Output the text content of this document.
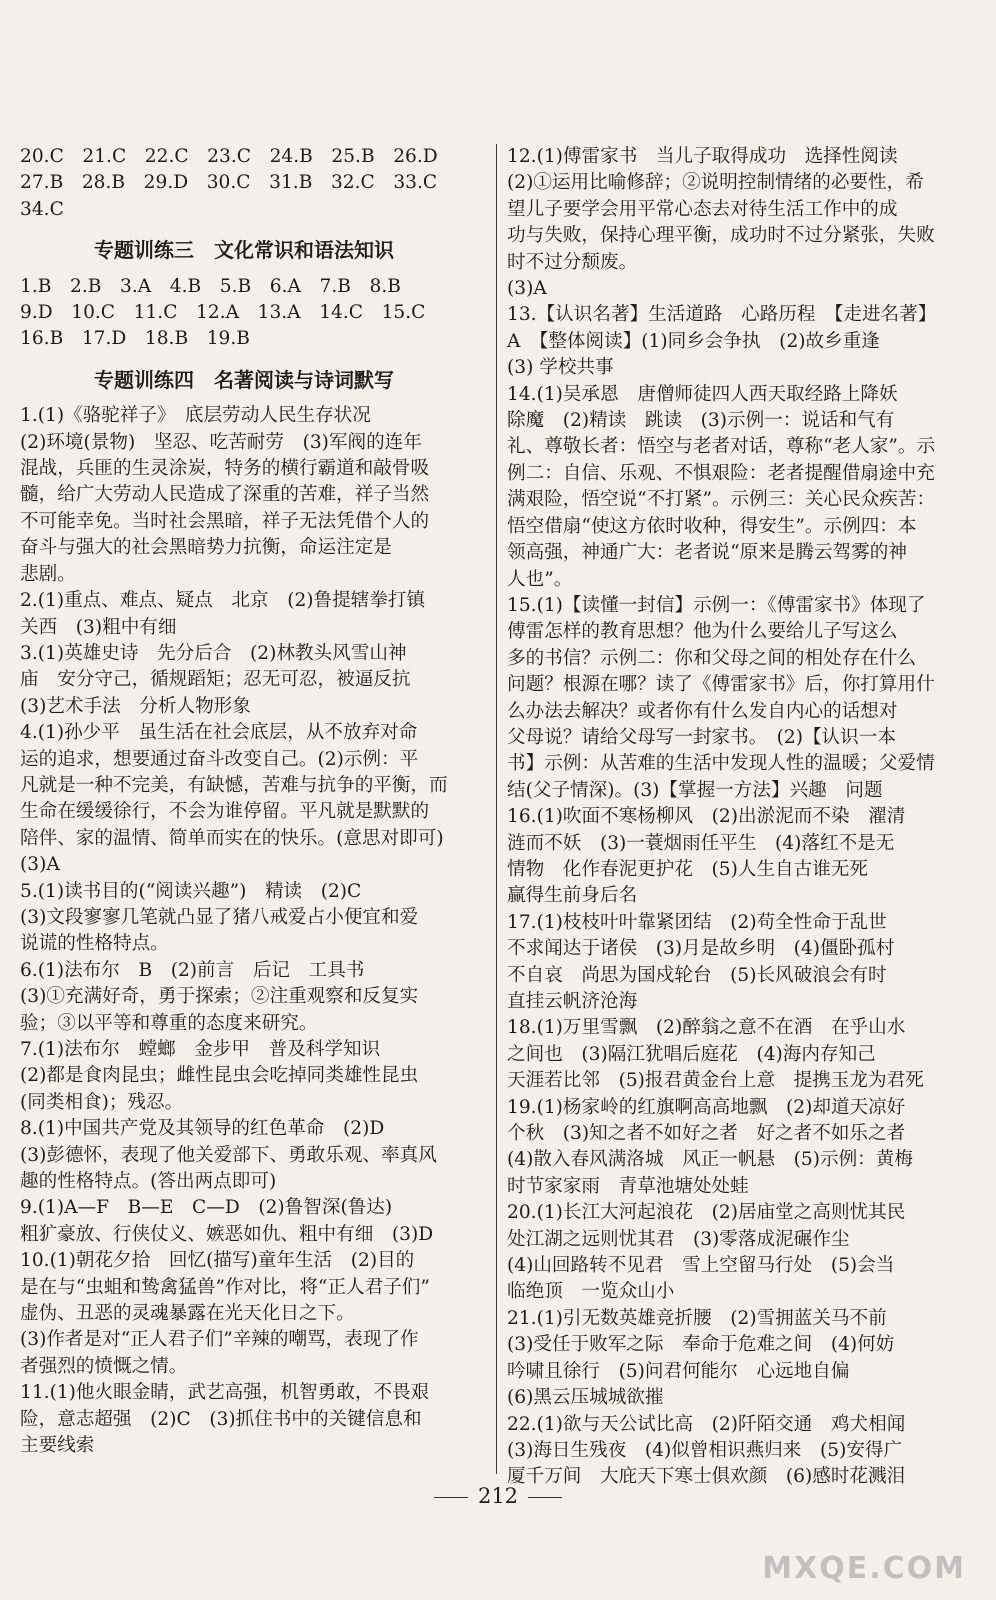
20.C　21.C　22.C　23.C　24.B　25.B　26.D
27.B　28.B　29.D　30.C　31.B　32.C　33.C
34.C
专题训练三　文化常识和语法知识
1.B　2.B　3.A　4.B　5.B　6.A　7.B　8.B
9.D　10.C　11.C　12.A　13.A　14.C　15.C
16.B　17.D　18.B　19.B
专题训练四　名著阅读与诗词默写
1.(1)《骆驼祥子》　底层劳动人民生存状况
(2)环境(景物)　坚忍、吃苦耐劳　(3)军阀的连年
混战，兵匪的生灵涂炭，特务的横行霸道和敲骨吸
髓，给广大劳动人民造成了深重的苦难，祥子当然
不可能幸免。当时社会黑暗，祥子无法凭借个人的
奋斗与强大的社会黑暗势力抗衡，命运注定是
悲剧。
2.(1)重点、难点、疑点　北京　(2)鲁提辖拳打镇
关西　(3)粗中有细
3.(1)英雄史诗　先分后合　(2)林教头风雪山神
庙　安分守己，循规蹈矩；忍无可忍，被逼反抗
(3)艺术手法　分析人物形象
4.(1)孙少平　虽生活在社会底层，从不放弃对命
运的追求，想要通过奋斗改变自己。(2)示例：平
凡就是一种不完美，有缺憾，苦难与抗争的平衡，而
生命在缓缓徐行，不会为谁停留。平凡就是默默的
陪伴、家的温情、简单而实在的快乐。(意思对即可)
(3)A
5.(1)读书目的(“阅读兴趣”)　精读　(2)C
(3)文段寥寥几笔就凸显了猪八戒爱占小便宜和爱
说谎的性格特点。
6.(1)法布尔　B　(2)前言　后记　工具书
(3)①充满好奇，勇于探索；②注重观察和反复实
验；③以平等和尊重的态度来研究。
7.(1)法布尔　螳螂　金步甲　普及科学知识
(2)都是食肉昆虫；雌性昆虫会吃掉同类雄性昆虫
(同类相食)；残忍。
8.(1)中国共产党及其领导的红色革命　(2)D
(3)彭德怀，表现了他关爱部下、勇敢乐观、率真风
趣的性格特点。(答出两点即可)
9.(1)A—F　B—E　C—D　(2)鲁智深(鲁达)
粗犷豪放、行侠仗义、嫉恶如仇、粗中有细　(3)D
10.(1)朝花夕拾　回忆(描写)童年生活　(2)目的
是在与“虫蛆和鸷禽猛兽”作对比，将“正人君子们”
虚伪、丑恶的灵魂暴露在光天化日之下。
(3)作者是对“正人君子们”辛辣的嘲骂，表现了作
者强烈的愤慨之情。
11.(1)他火眼金睛，武艺高强，机智勇敢，不畏艰
险，意志超强　(2)C　(3)抓住书中的关键信息和
主要线索
12.(1)傅雷家书　当儿子取得成功　选择性阅读
(2)①运用比喻修辞；②说明控制情绪的必要性，希
望儿子要学会用平常心态去对待生活工作中的成
功与失败，保持心理平衡，成功时不过分紧张，失败
时不过分颓废。
(3)A
13.【认识名著】生活道路　心路历程　【走进名著】
A　【整体阅读】(1)同乡会争执　(2)故乡重逢
(3) 学校共事
14.(1)吴承恩　唐僧师徒四人西天取经路上降妖
除魔　(2)精读　跳读　(3)示例一：说话和气有
礼、尊敬长者：悟空与老者对话，尊称“老人家”。示
例二：自信、乐观、不惧艰险：老者提醒借扇途中充
满艰险，悟空说“不打紧”。示例三：关心民众疾苦：
悟空借扇“使这方依时收种，得安生”。示例四：本
领高强，神通广大：老者说“原来是腾云驾雾的神
人也”。
15.(1)【读懂一封信】示例一：《傅雷家书》体现了
傅雷怎样的教育思想？他为什么要给儿子写这么
多的书信？示例二：你和父母之间的相处存在什么
问题？根源在哪？读了《傅雷家书》后，你打算用什
么办法去解决？或者你有什么发自内心的话想对
父母说？请给父母写一封家书。　(2)【认识一本
书】示例：从苦难的生活中发现人性的温暖；父爱情
结(父子情深)。(3)【掌握一方法】兴趣　问题
16.(1)吹面不寒杨柳风　(2)出淤泥而不染　濯清
涟而不妖　(3)一蓑烟雨任平生　(4)落红不是无
情物　化作春泥更护花　(5)人生自古谁无死
赢得生前身后名
17.(1)枝枝叶叶靠紧团结　(2)苟全性命于乱世
不求闻达于诸侯　(3)月是故乡明　(4)僵卧孤村
不自哀　尚思为国戍轮台　(5)长风破浪会有时
直挂云帆济沧海
18.(1)万里雪飘　(2)醉翁之意不在酒　在乎山水
之间也　(3)隔江犹唱后庭花　(4)海内存知己
天涯若比邻　(5)报君黄金台上意　提携玉龙为君死
19.(1)杨家岭的红旗啊高高地飘　(2)却道天凉好
个秋　(3)知之者不如好之者　好之者不如乐之者
(4)散入春风满洛城　风正一帆悬　(5)示例：黄梅
时节家家雨　青草池塘处处蛙
20.(1)长江大河起浪花　(2)居庙堂之高则忧其民
处江湖之远则忧其君　(3)零落成泥碾作尘
(4)山回路转不见君　雪上空留马行处　(5)会当
临绝顶　一览众山小
21.(1)引无数英雄竞折腰　(2)雪拥蓝关马不前
(3)受任于败军之际　奉命于危难之间　(4)何妨
吟啸且徐行　(5)问君何能尔　心远地自偏
(6)黑云压城城欲摧
22.(1)欲与天公试比高　(2)阡陌交通　鸡犬相闻
(3)海日生残夜　(4)似曾相识燕归来　(5)安得广
厦千万间　大庇天下寒士俱欢颜　(6)感时花溅泪
212
MXQE.COM
